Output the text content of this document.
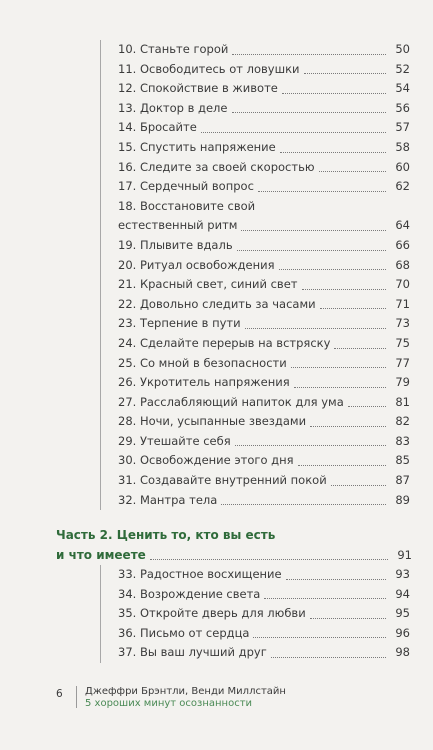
10. Станьте горой	50
11. Освободитесь от ловушки	52
12. Спокойствие в животе	54
13. Доктор в деле	56
14. Бросайте	57
15. Спустить напряжение	58
16. Следите за своей скоростью	60
17. Сердечный вопрос	62
18. Восстановите свой
естественный ритм	64
19. Плывите вдаль	66
20. Ритуал освобождения	68
21. Красный свет, синий свет	70
22. Довольно следить за часами	71
23. Терпение в пути	73
24. Сделайте перерыв на встряску	75
25. Со мной в безопасности	77
26. Укротитель напряжения	79
27. Расслабляющий напиток для ума	81
28. Ночи, усыпанные звездами	82
29. Утешайте себя	83
30. Освобождение этого дня	85
31. Создавайте внутренний покой	87
32. Мантра тела	89
Часть 2. Ценить то, кто вы есть
и что имеете	91
33. Радостное восхищение	93
34. Возрождение света	94
35. Откройте дверь для любви	95
36. Письмо от сердца	96
37. Вы ваш лучший друг	98
6	Джеффри Брэнтли, Венди Миллстайн
5 хороших минут осознанности
